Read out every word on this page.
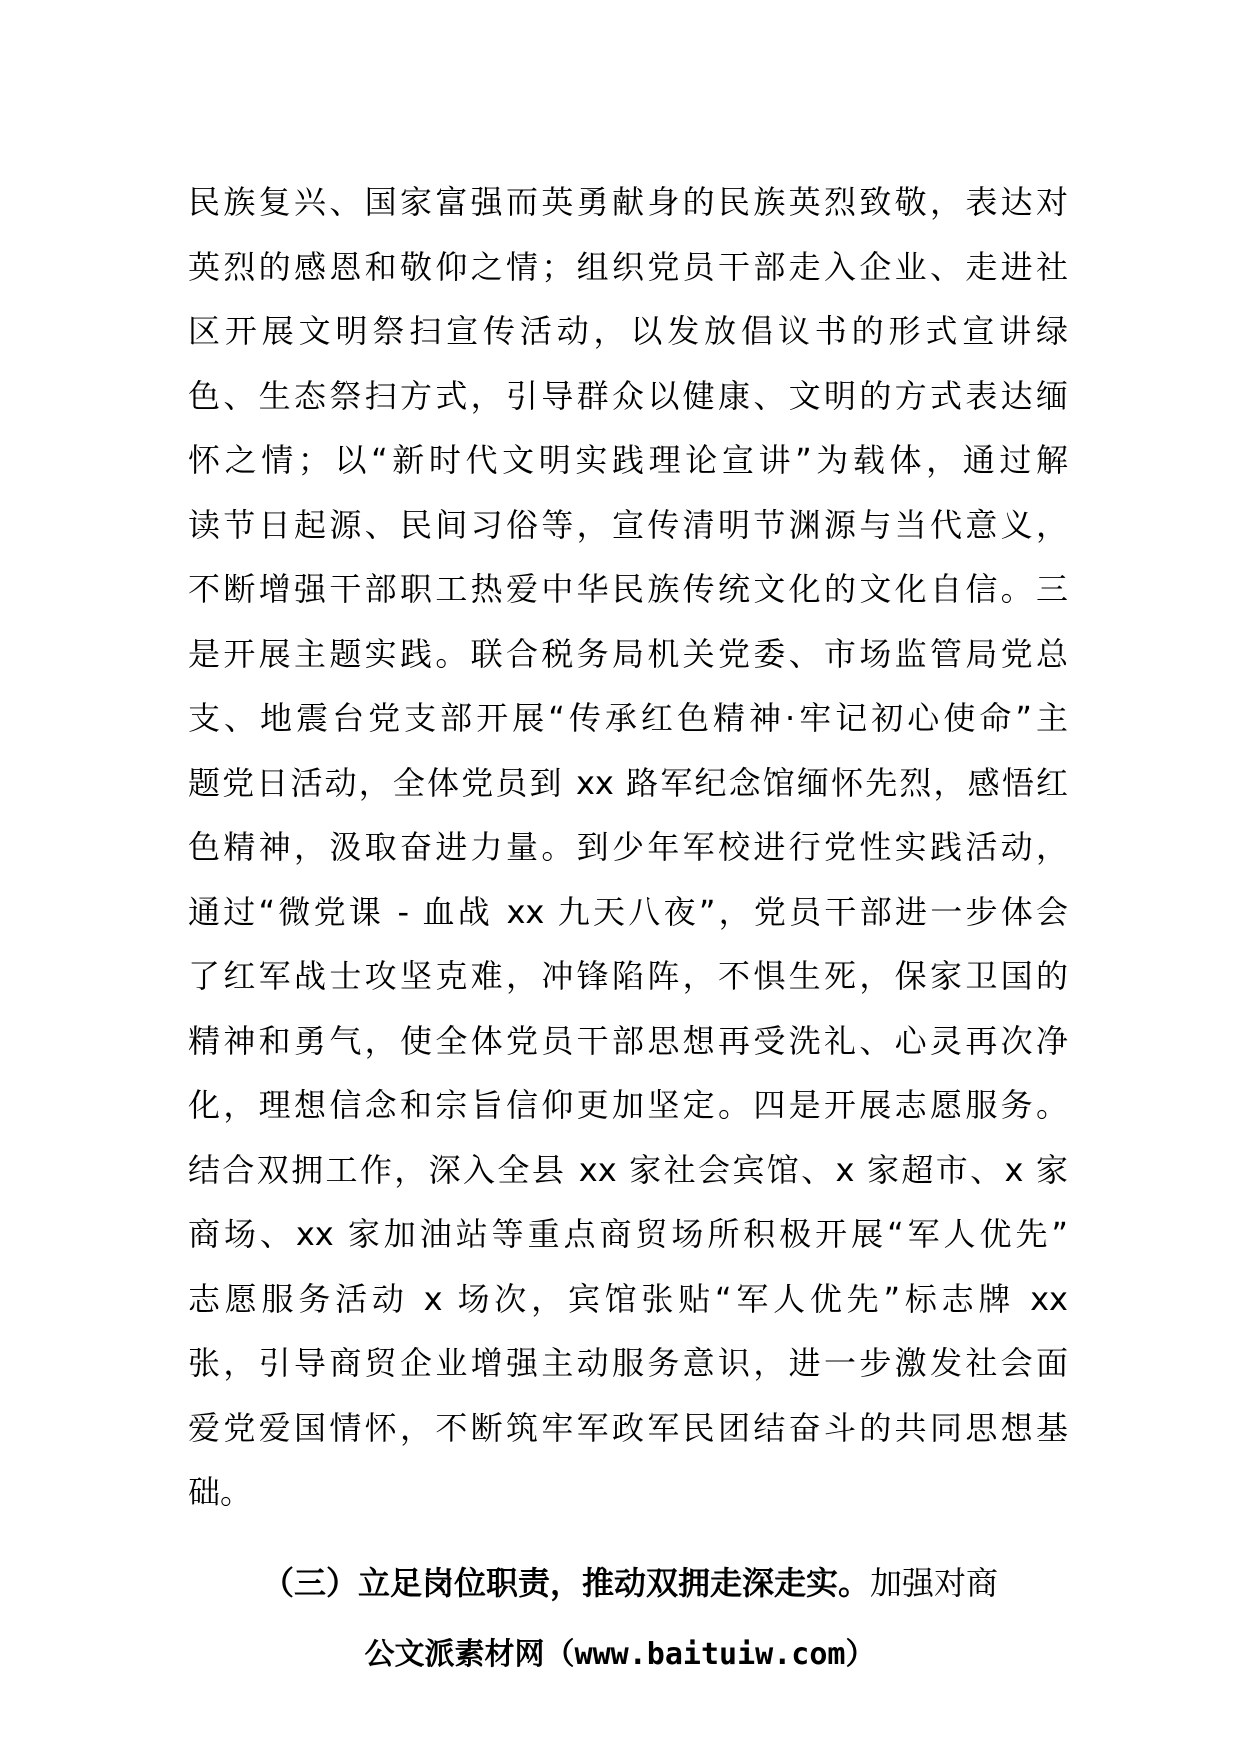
民族复兴、国家富强而英勇献身的民族英烈致敬，表达对
英烈的感恩和敬仰之情；组织党员干部走入企业、走进社
区开展文明祭扫宣传活动，以发放倡议书的形式宣讲绿
色、生态祭扫方式，引导群众以健康、文明的方式表达缅
怀之情；以“新时代文明实践理论宣讲”为载体，通过解
读节日起源、民间习俗等，宣传清明节渊源与当代意义，
不断增强干部职工热爱中华民族传统文化的文化自信。三
是开展主题实践。联合税务局机关党委、市场监管局党总
支、地震台党支部开展“传承红色精神·牢记初心使命”主
题党日活动，全体党员到 xx 路军纪念馆缅怀先烈，感悟红
色精神，汲取奋进力量。到少年军校进行党性实践活动，
通过“微党课 - 血战 xx 九天八夜”，党员干部进一步体会
了红军战士攻坚克难，冲锋陷阵，不惧生死，保家卫国的
精神和勇气，使全体党员干部思想再受洗礼、心灵再次净
化，理想信念和宗旨信仰更加坚定。四是开展志愿服务。
结合双拥工作，深入全县 xx 家社会宾馆、x 家超市、x 家
商场、xx 家加油站等重点商贸场所积极开展“军人优先”
志愿服务活动 x 场次，宾馆张贴“军人优先”标志牌 xx
张，引导商贸企业增强主动服务意识，进一步激发社会面
爱党爱国情怀，不断筑牢军政军民团结奋斗的共同思想基
础。
（三）立足岗位职责，推动双拥走深走实。加强对商
公文派素材网（www.baituiw.com）
